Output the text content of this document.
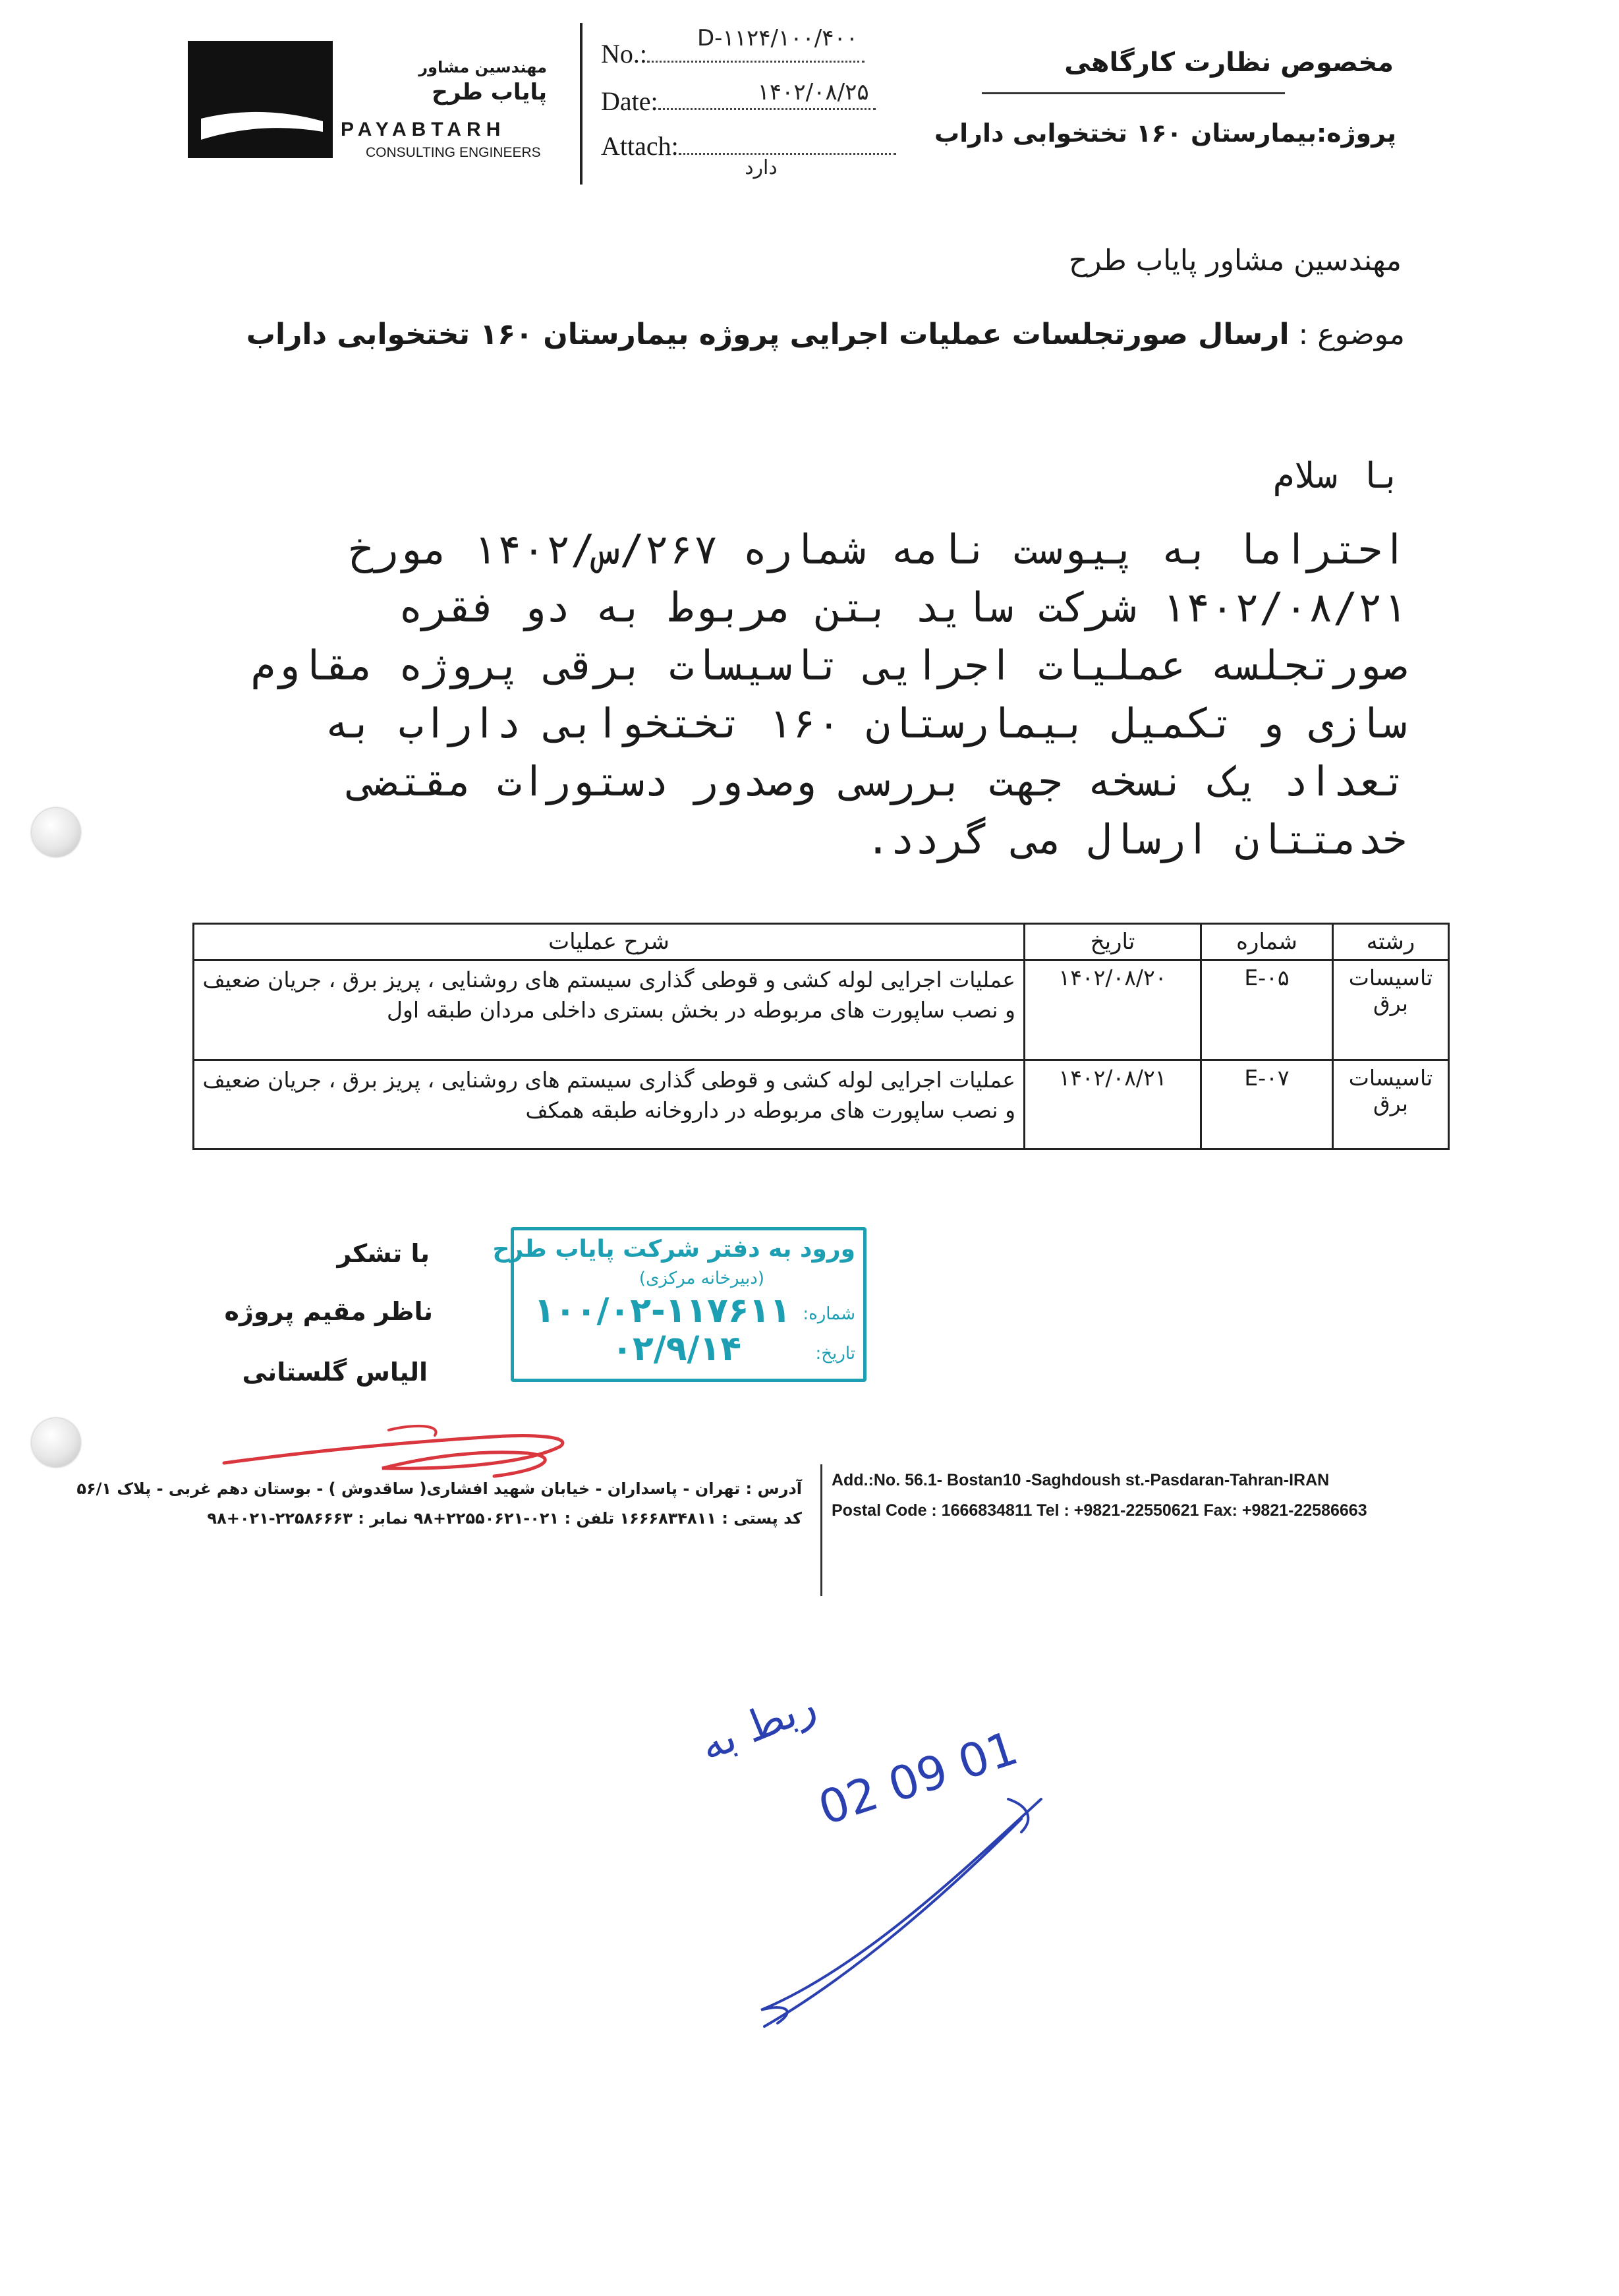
مهندسین مشاور
پایاب طرح
PAYABTARH
CONSULTING ENGINEERS
No.:
۱۰۰/۴۰۰/D-۱۱۲۴
Date:	۱۴۰۲/۰۸/۲۵
Attach:
دارد
مخصوص نظارت کارگاهی
پروژه:بیمارستان ۱۶۰ تختخوابی داراب
مهندسین مشاور پایاب طرح
موضوع : ارسال صورتجلسات عملیات اجرایی پروژه بیمارستان ۱۶۰ تختخوابی داراب
با سلام
احتراما به پیوست نامه شماره ۲۶۷/س/۱۴۰۲ مورخ
۱۴۰۲/۰۸/۲۱ شرکت ساید بتن مربوط به دو فقره
صورتجلسه عملیات اجرایی تاسیسات برقی پروژه مقاوم
سازی و تکمیل بیمارستان ۱۶۰ تختخوابی داراب به
تعداد یک نسخه جهت بررسی وصدور دستورات مقتضی
خدمتتان ارسال می گردد.
رشته	شماره	تاریخ	شرح عملیات
تاسیسات برق	E-۰۵	۱۴۰۲/۰۸/۲۰	عملیات اجرایی لوله کشی و قوطی گذاری سیستم های روشنایی ، پریز برق ، جریان ضعیف و نصب ساپورت های مربوطه در بخش بستری داخلی مردان طبقه اول
تاسیسات برق	E-۰۷	۱۴۰۲/۰۸/۲۱	عملیات اجرایی لوله کشی و قوطی گذاری سیستم های روشنایی ، پریز برق ، جریان ضعیف و نصب ساپورت های مربوطه در داروخانه طبقه همکف
با تشکر
ناظر مقیم پروژه
الیاس گلستانی
ورود به دفتر شرکت پایاب طرح
(دبیرخانه مرکزی)
شماره:
۱۰۰/۰۲-۱۱۷۶۱۱
تاریخ:
۰۲/۹/۱۴
آدرس : تهران - پاسداران - خیابان شهید افشاری( ساقدوش ) - بوستان دهم غربی - پلاک ۵۶/۱
کد پستی : ۱۶۶۶۸۳۴۸۱۱ تلفن : ۰۲۱-۲۲۵۵۰۶۲۱+۹۸ نمابر : ۲۲۵۸۶۶۶۳-۰۲۱+۹۸
Add.:No. 56.1- Bostan10 -Saghdoush st.-Pasdaran-Tahran-IRAN
Postal Code : 1666834811 Tel : +9821-22550621 Fax: +9821-22586663
ربط به
02 09 01
